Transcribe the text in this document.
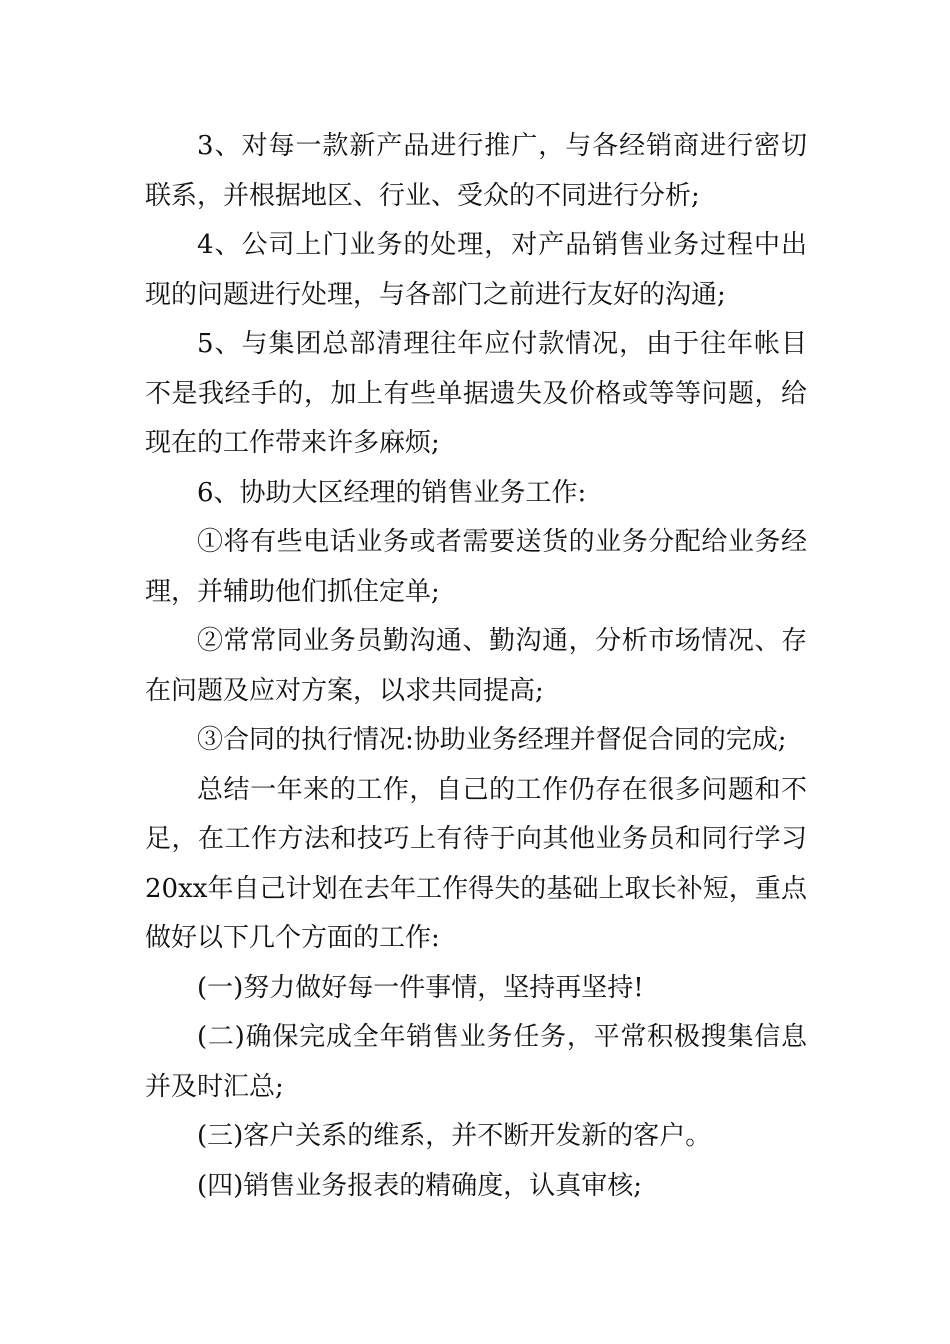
3、对每一款新产品进行推广，与各经销商进行密切联系，并根据地区、行业、受众的不同进行分析;

4、公司上门业务的处理，对产品销售业务过程中出现的问题进行处理，与各部门之前进行友好的沟通;

5、与集团总部清理往年应付款情况，由于往年帐目不是我经手的，加上有些单据遗失及价格或等等问题，给现在的工作带来许多麻烦;

6、协助大区经理的销售业务工作:

①将有些电话业务或者需要送货的业务分配给业务经理，并辅助他们抓住定单;

②常常同业务员勤沟通、勤沟通，分析市场情况、存在问题及应对方案，以求共同提高;

③合同的执行情况:协助业务经理并督促合同的完成;

总结一年来的工作，自己的工作仍存在很多问题和不足，在工作方法和技巧上有待于向其他业务员和同行学习20xx年自己计划在去年工作得失的基础上取长补短，重点做好以下几个方面的工作:

(一)努力做好每一件事情，坚持再坚持!

(二)确保完成全年销售业务任务，平常积极搜集信息并及时汇总;

(三)客户关系的维系，并不断开发新的客户。

(四)销售业务报表的精确度，认真审核;
